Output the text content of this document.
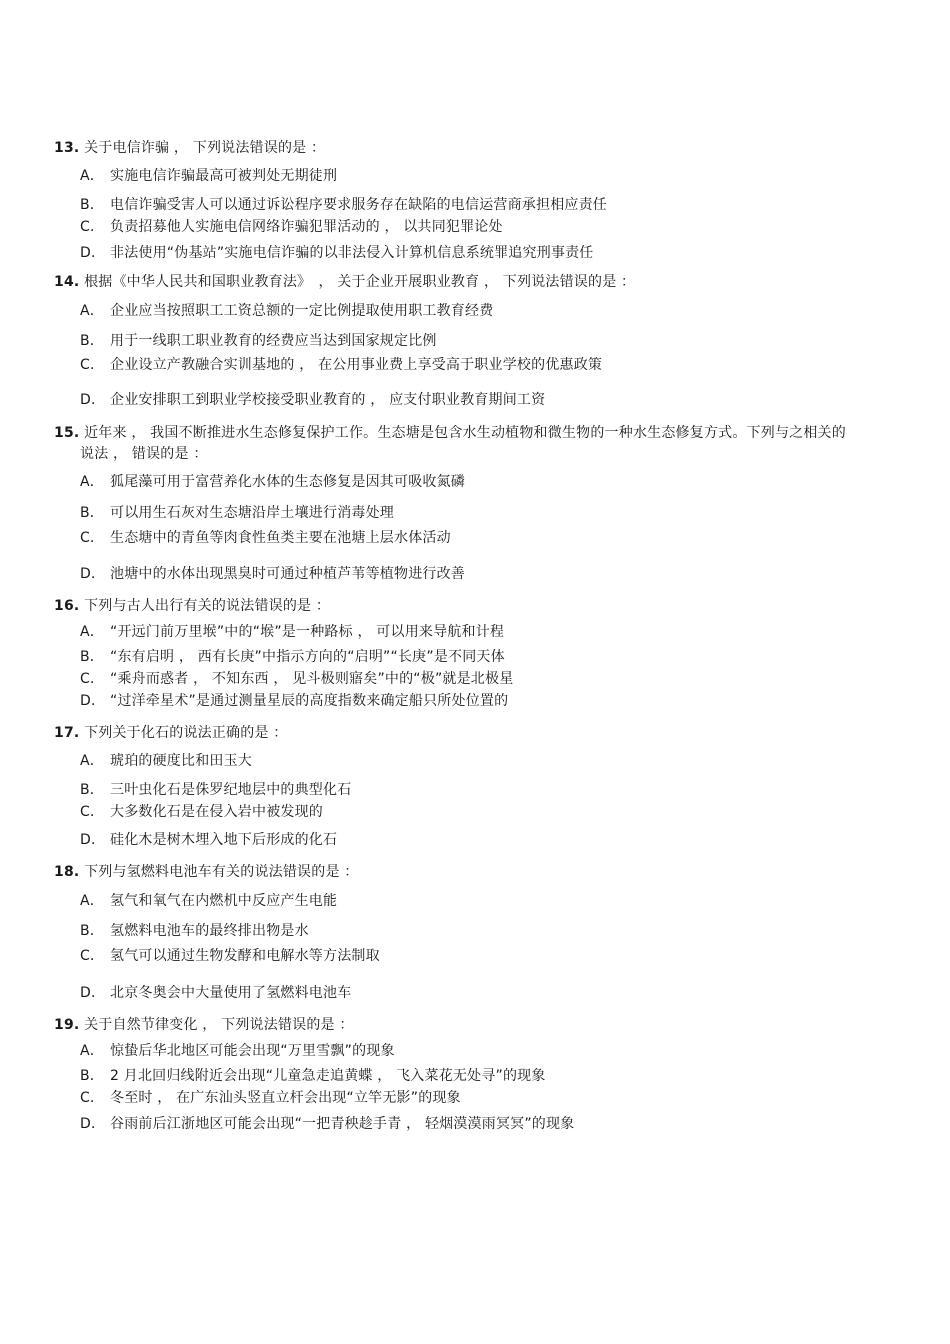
13. 关于电信诈骗 ， 下列说法错误的是 ：
A． 实施电信诈骗最高可被判处无期徒刑
B． 电信诈骗受害人可以通过诉讼程序要求服务存在缺陷的电信运营商承担相应责任
C． 负责招募他人实施电信网络诈骗犯罪活动的 ， 以共同犯罪论处
D． 非法使用“伪基站”实施电信诈骗的以非法侵入计算机信息系统罪追究刑事责任
14. 根据《中华人民共和国职业教育法》　， 关于企业开展职业教育 ， 下列说法错误的是 ：
A． 企业应当按照职工工资总额的一定比例提取使用职工教育经费
B． 用于一线职工职业教育的经费应当达到国家规定比例
C． 企业设立产教融合实训基地的 ， 在公用事业费上享受高于职业学校的优惠政策
D． 企业安排职工到职业学校接受职业教育的 ， 应支付职业教育期间工资
15. 近年来 ， 我国不断推进水生态修复保护工作。生态塘是包含水生动植物和微生物的一种水生态修复方式。下列与之相关的
说法 ， 错误的是 ：
A． 狐尾藻可用于富营养化水体的生态修复是因其可吸收氮磷
B． 可以用生石灰对生态塘沿岸土壤进行消毒处理
C． 生态塘中的青鱼等肉食性鱼类主要在池塘上层水体活动
D． 池塘中的水体出现黑臭时可通过种植芦苇等植物进行改善
16. 下列与古人出行有关的说法错误的是 ：
A． “开远门前万里堠”中的“堠”是一种路标 ， 可以用来导航和计程
B． “东有启明 ， 西有长庚”中指示方向的“启明”“长庚”是不同天体
C． “乘舟而惑者 ， 不知东西 ， 见斗极则寤矣”中的“极”就是北极星
D． “过洋牵星术”是通过测量星辰的高度指数来确定船只所处位置的
17. 下列关于化石的说法正确的是 ：
A． 琥珀的硬度比和田玉大
B． 三叶虫化石是侏罗纪地层中的典型化石
C． 大多数化石是在侵入岩中被发现的
D． 硅化木是树木埋入地下后形成的化石
18. 下列与氢燃料电池车有关的说法错误的是 ：
A． 氢气和氧气在内燃机中反应产生电能
B． 氢燃料电池车的最终排出物是水
C． 氢气可以通过生物发酵和电解水等方法制取
D． 北京冬奥会中大量使用了氢燃料电池车
19. 关于自然节律变化 ， 下列说法错误的是 ：
A． 惊蛰后华北地区可能会出现“万里雪飘”的现象
B． 2 月北回归线附近会出现“儿童急走追黄蝶 ， 飞入菜花无处寻”的现象
C． 冬至时 ， 在广东汕头竖直立杆会出现“立竿无影”的现象
D． 谷雨前后江浙地区可能会出现“一把青秧趁手青 ， 轻烟漠漠雨冥冥”的现象
